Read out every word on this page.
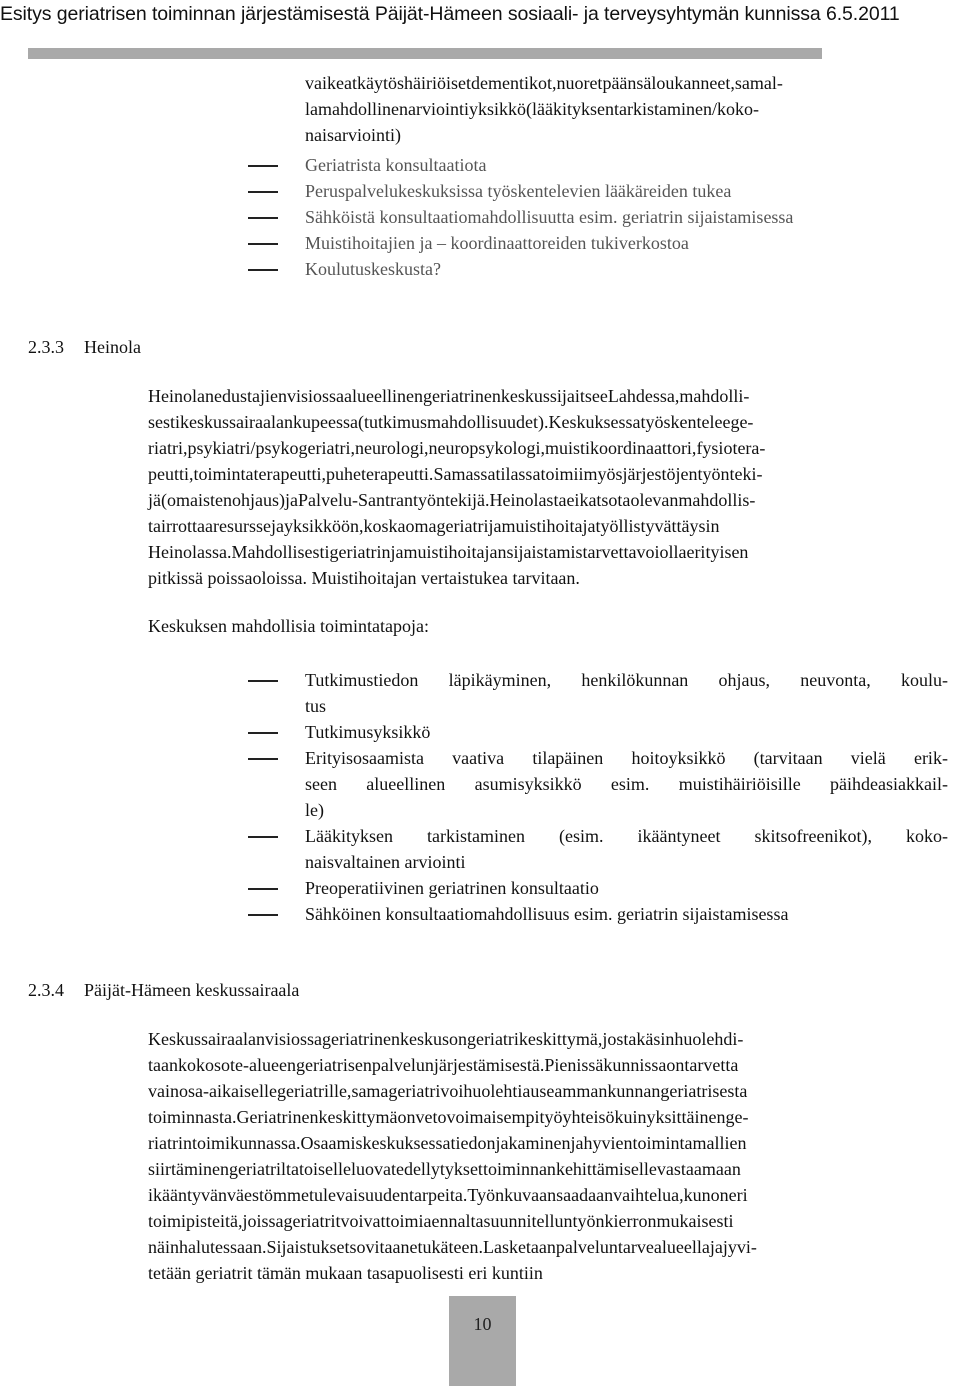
Esitys geriatrisen toiminnan järjestämisestä Päijät-Hämeen sosiaali- ja terveysyhtymän kunnissa 6.5.2011
vaikeatkäytöshäiriöisetdementikot,nuoretpäänsäloukanneet,samal-
lamahdollinenarviointiyksikkö(lääkityksentarkistaminen/koko-
naisarviointi)
Geriatrista konsultaatiota
Peruspalvelukeskuksissa työskentelevien lääkäreiden tukea
Sähköistä konsultaatiomahdollisuutta esim. geriatrin sijaistamisessa
Muistihoitajien ja – koordinaattoreiden tukiverkostoa
Koulutuskeskusta?
2.3.3 Heinola
HeinolanedustajienvisiossaalueellinengeriatrinenkeskussijaitseeLahdessa,mahdolli-
sestikeskussairaalankupeessa(tutkimusmahdollisuudet).Keskuksessatyöskenteleege-
riatri,psykiatri/psykogeriatri,neurologi,neuropsykologi,muistikoordinaattori,fysiotera-
peutti,toimintaterapeutti,puheterapeutti.Samassatilassatoimiimyösjärjestöjentyönteki-
jä(omaistenohjaus)jaPalvelu-Santrantyöntekijä.Heinolastaeikatsotaolevanmahdollis-
tairrottaaresurssejayksikköön,koskaomageriatrijamuistihoitajatyöllistyvättäysin
Heinolassa.Mahdollisestigeriatrinjamuistihoitajansijaistamistarvettavoiollaerityisen
pitkissä poissaoloissa. Muistihoitajan vertaistukea tarvitaan.
Keskuksen mahdollisia toimintatapoja:
Tutkimustiedon läpikäyminen, henkilökunnan ohjaus, neuvonta, koulu-
tus
Tutkimusyksikkö
Erityisosaamista vaativa tilapäinen hoitoyksikkö (tarvitaan vielä erik-
seen alueellinen asumisyksikkö esim. muistihäiriöisille päihdeasiakkail-
le)
Lääkityksen tarkistaminen (esim. ikääntyneet skitsofreenikot), koko-
naisvaltainen arviointi
Preoperatiivinen geriatrinen konsultaatio
Sähköinen konsultaatiomahdollisuus esim. geriatrin sijaistamisessa
2.3.4 Päijät-Hämeen keskussairaala
Keskussairaalanvisiossageriatrinenkeskusongeriatrikeskittymä,jostakäsinhuolehdi-
taankokosote-alueengeriatrisenpalvelunjärjestämisestä.Pienissäkunnissaontarvetta
vainosa-aikaisellegeriatrille,samageriatrivoihuolehtiauseammankunnangeriatrisesta
toiminnasta.Geriatrinenkeskittymäonvetovoimaisempityöyhteisökuinyksittäinenge-
riatrintoimikunnassa.Osaamiskeskuksessatiedonjakaminenjahyvientoimintamallien
siirtäminengeriatriltatoiselleluovatedellytyksettoiminnankehittämisellevastaamaan
ikääntyvänväestömmetulevaisuudentarpeita.Työnkuvaansaadaanvaihtelua,kunoneri
toimipisteitä,joissageriatritvoivattoimiaennaltasuunnitelluntyönkierronmukaisesti
näinhalutessaan.Sijaistuksetsovitaanetukäteen.Lasketaanpalveluntarvealueellajajyvi-
tetään geriatrit tämän mukaan tasapuolisesti eri kuntiin
10
